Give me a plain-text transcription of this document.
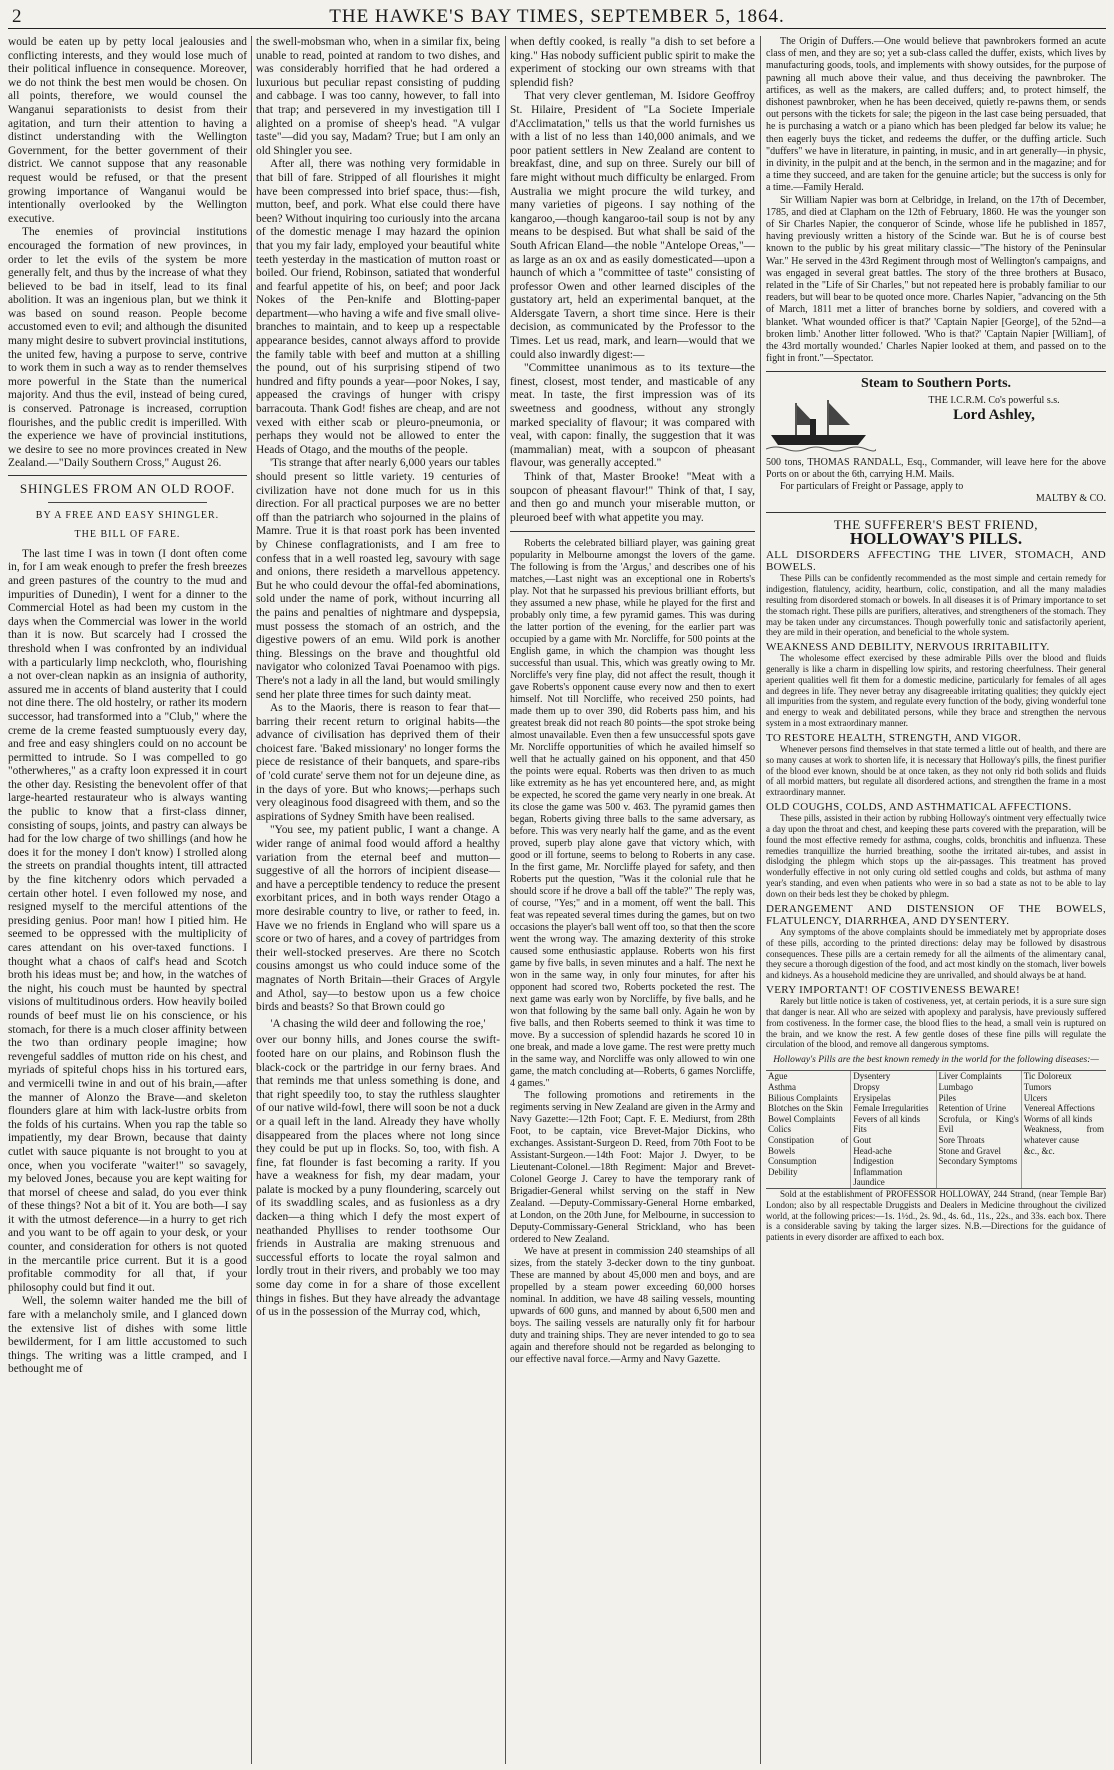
2	THE HAWKE'S BAY TIMES, SEPTEMBER 5, 1864.

would be eaten up by petty local jealousies and conflicting interests, and they would lose much of their political influence in consequence. Moreover, we do not think the best men would be chosen. On all points, therefore, we would counsel the Wanganui separationists to desist from their agitation, and turn their attention to having a distinct understanding with the Wellington Government, for the better government of their district. We cannot suppose that any reasonable request would be refused, or that the present growing importance of Wanganui would be intentionally overlooked by the Wellington executive.

The enemies of provincial institutions encouraged the formation of new provinces, in order to let the evils of the system be more generally felt, and thus by the increase of what they believed to be bad in itself, lead to its final abolition. It was an ingenious plan, but we think it was based on sound reason. People become accustomed even to evil; and although the disunited many might desire to subvert provincial institutions, the united few, having a purpose to serve, contrive to work them in such a way as to render themselves more powerful in the State than the numerical majority. And thus the evil, instead of being cured, is conserved. Patronage is increased, corruption flourishes, and the public credit is imperilled. With the experience we have of provincial institutions, we desire to see no more provinces created in New Zealand.—"Daily Southern Cross," August 26.

SHINGLES FROM AN OLD ROOF.
BY A FREE AND EASY SHINGLER.
THE BILL OF FARE.

The last time I was in town (I dont often come in, for I am weak enough to prefer the fresh breezes and green pastures of the country to the mud and impurities of Dunedin), I went for a dinner to the Commercial Hotel as had been my custom in the days when the Commercial was lower in the world than it is now. But scarcely had I crossed the threshold when I was confronted by an individual with a particularly limp neckcloth, who, flourishing a not over-clean napkin as an insignia of authority, assured me in accents of bland austerity that I could not dine there. The old hostelry, or rather its modern successor, had transformed into a "Club," where the creme de la creme feasted sumptuously every day, and free and easy shinglers could on no account be permitted to intrude. So I was compelled to go "otherwheres," as a crafty loon expressed it in court the other day. Resisting the benevolent offer of that large-hearted restaurateur who is always wanting the public to know that a first-class dinner, consisting of soups, joints, and pastry can always be had for the low charge of two shillings (and how he does it for the money I don't know) I strolled along the streets on prandial thoughts intent, till attracted by the fine kitchenry odors which pervaded a certain other hotel. I even followed my nose, and resigned myself to the merciful attentions of the presiding genius. Poor man! how I pitied him. He seemed to be oppressed with the multiplicity of cares attendant on his over-taxed functions. I thought what a chaos of calf's head and Scotch broth his ideas must be; and how, in the watches of the night, his couch must be haunted by spectral visions of multitudinous orders. How heavily boiled rounds of beef must lie on his conscience, or his stomach, for there is a much closer affinity between the two than ordinary people imagine; how revengeful saddles of mutton ride on his chest, and myriads of spiteful chops hiss in his tortured ears, and vermicelli twine in and out of his brain,—after the manner of Alonzo the Brave—and skeleton flounders glare at him with lack-lustre orbits from the folds of his curtains. When you rap the table so impatiently, my dear Brown, because that dainty cutlet with sauce piquante is not brought to you at once, when you vociferate "waiter!" so savagely, my beloved Jones, because you are kept waiting for that morsel of cheese and salad, do you ever think of these things? Not a bit of it. You are both—I say it with the utmost deference—in a hurry to get rich and you want to be off again to your desk, or your counter, and consideration for others is not quoted in the mercantile price current. But it is a good profitable commodity for all that, if your philosophy could but find it out.

Well, the solemn waiter handed me the bill of fare with a melancholy smile, and I glanced down the extensive list of dishes with some little bewilderment, for I am little accustomed to such things. The writing was a little cramped, and I bethought me of

the swell-mobsman who, when in a similar fix, being unable to read, pointed at random to two dishes, and was considerably horrified that he had ordered a luxurious but peculiar repast consisting of pudding and cabbage. I was too canny, however, to fall into that trap; and persevered in my investigation till I alighted on a promise of sheep's head. "A vulgar taste"—did you say, Madam? True; but I am only an old Shingler you see.

After all, there was nothing very formidable in that bill of fare. Stripped of all flourishes it might have been compressed into brief space, thus:—fish, mutton, beef, and pork. What else could there have been? Without inquiring too curiously into the arcana of the domestic menage I may hazard the opinion that you my fair lady, employed your beautiful white teeth yesterday in the mastication of mutton roast or boiled. Our friend, Robinson, satiated that wonderful and fearful appetite of his, on beef; and poor Jack Nokes of the Pen-knife and Blotting-paper department—who having a wife and five small olive-branches to maintain, and to keep up a respectable appearance besides, cannot always afford to provide the family table with beef and mutton at a shilling the pound, out of his surprising stipend of two hundred and fifty pounds a year—poor Nokes, I say, appeased the cravings of hunger with crispy barracouta. Thank God! fishes are cheap, and are not vexed with either scab or pleuro-pneumonia, or perhaps they would not be allowed to enter the Heads of Otago, and the mouths of the people.

'Tis strange that after nearly 6,000 years our tables should present so little variety. 19 centuries of civilization have not done much for us in this direction. For all practical purposes we are no better off than the patriarch who sojourned in the plains of Mamre. True it is that roast pork has been invented by Chinese conflagrationists, and I am free to confess that in a well roasted leg, savoury with sage and onions, there resideth a marvellous appetency. But he who could devour the offal-fed abominations, sold under the name of pork, without incurring all the pains and penalties of nightmare and dyspepsia, must possess the stomach of an ostrich, and the digestive powers of an emu. Wild pork is another thing. Blessings on the brave and thoughtful old navigator who colonized Tavai Poenamoo with pigs. There's not a lady in all the land, but would smilingly send her plate three times for such dainty meat.

As to the Maoris, there is reason to fear that—barring their recent return to original habits—the advance of civilisation has deprived them of their choicest fare. 'Baked missionary' no longer forms the piece de resistance of their banquets, and spare-ribs of 'cold curate' serve them not for un dejeune dine, as in the days of yore. But who knows;—perhaps such very oleaginous food disagreed with them, and so the aspirations of Sydney Smith have been realised.

"You see, my patient public, I want a change. A wider range of animal food would afford a healthy variation from the eternal beef and mutton—suggestive of all the horrors of incipient disease—and have a perceptible tendency to reduce the present exorbitant prices, and in both ways render Otago a more desirable country to live, or rather to feed, in. Have we no friends in England who will spare us a score or two of hares, and a covey of partridges from their well-stocked preserves. Are there no Scotch cousins amongst us who could induce some of the magnates of North Britain—their Graces of Argyle and Athol, say—to bestow upon us a few choice birds and beasts? So that Brown could go

'A chasing the wild deer and following the roe,'

over our bonny hills, and Jones course the swift-footed hare on our plains, and Robinson flush the black-cock or the partridge in our ferny braes. And that reminds me that unless something is done, and that right speedily too, to stay the ruthless slaughter of our native wild-fowl, there will soon be not a duck or a quail left in the land. Already they have wholly disappeared from the places where not long since they could be put up in flocks. So, too, with fish. A fine, fat flounder is fast becoming a rarity. If you have a weakness for fish, my dear madam, your palate is mocked by a puny floundering, scarcely out of its swaddling scales, and as fusionless as a dry dacken—a thing which I defy the most expert of neathanded Phyllises to render toothsome Our friends in Australia are making strenuous and successful efforts to locate the royal salmon and lordly trout in their rivers, and probably we too may some day come in for a share of those excellent things in fishes. But they have already the advantage of us in the possession of the Murray cod, which,

when deftly cooked, is really "a dish to set before a king." Has nobody sufficient public spirit to make the experiment of stocking our own streams with that splendid fish?

That very clever gentleman, M. Isidore Geoffroy St. Hilaire, President of "La Societe Imperiale d'Acclimatation," tells us that the world furnishes us with a list of no less than 140,000 animals, and we poor patient settlers in New Zealand are content to breakfast, dine, and sup on three. Surely our bill of fare might without much difficulty be enlarged. From Australia we might procure the wild turkey, and many varieties of pigeons. I say nothing of the kangaroo,—though kangaroo-tail soup is not by any means to be despised. But what shall be said of the South African Eland—the noble "Antelope Oreas,"—as large as an ox and as easily domesticated—upon a haunch of which a "committee of taste" consisting of professor Owen and other learned disciples of the gustatory art, held an experimental banquet, at the Aldersgate Tavern, a short time since. Here is their decision, as communicated by the Professor to the Times. Let us read, mark, and learn—would that we could also inwardly digest:—

"Committee unanimous as to its texture—the finest, closest, most tender, and masticable of any meat. In taste, the first impression was of its sweetness and goodness, without any strongly marked speciality of flavour; it was compared with veal, with capon: finally, the suggestion that it was (mammalian) meat, with a soupcon of pheasant flavour, was generally accepted."

Think of that, Master Brooke! "Meat with a soupcon of pheasant flavour!" Think of that, I say, and then go and munch your miserable mutton, or pleuroed beef with what appetite you may.

Roberts the celebrated billiard player, was gaining great popularity in Melbourne amongst the lovers of the game. The following is from the 'Argus,' and describes one of his matches,—Last night was an exceptional one in Roberts's play. Not that he surpassed his previous brilliant efforts, but they assumed a new phase, while he played for the first and probably only time, a few pyramid games. This was during the latter portion of the evening, for the earlier part was occupied by a game with Mr. Norcliffe, for 500 points at the English game, in which the champion was thought less successful than usual. This, which was greatly owing to Mr. Norcliffe's very fine play, did not affect the result, though it gave Roberts's opponent cause every now and then to exert himself. Not till Norcliffe, who received 250 points, had made them up to over 390, did Roberts pass him, and his greatest break did not reach 80 points—the spot stroke being almost unavailable. Even then a few unsuccessful spots gave Mr. Norcliffe opportunities of which he availed himself so well that he actually gained on his opponent, and that 450 the points were equal. Roberts was then driven to as much like extremity as he has yet encountered here, and, as might be expected, he scored the game very nearly in one break. At its close the game was 500 v. 463. The pyramid games then began, Roberts giving three balls to the same adversary, as before. This was very nearly half the game, and as the event proved, superb play alone gave that victory which, with good or ill fortune, seems to belong to Roberts in any case. In the first game, Mr. Norcliffe played for safety, and then Roberts put the question, "Was it the colonial rule that he should score if he drove a ball off the table?" The reply was, of course, "Yes;" and in a moment, off went the ball. This feat was repeated several times during the games, but on two occasions the player's ball went off too, so that then the score went the wrong way. The amazing dexterity of this stroke caused some enthusiastic applause. Roberts won his first game by five balls, in seven minutes and a half. The next he won in the same way, in only four minutes, for after his opponent had scored two, Roberts pocketed the rest. The next game was early won by Norcliffe, by five balls, and he won that following by the same ball only. Again he won by five balls, and then Roberts seemed to think it was time to move. By a succession of splendid hazards he scored 10 in one break, and made a love game. The rest were pretty much in the same way, and Norcliffe was only allowed to win one game, the match concluding at—Roberts, 6 games Norcliffe, 4 games."

The following promotions and retirements in the regiments serving in New Zealand are given in the Army and Navy Gazette:—12th Foot; Capt. F. E. Mediurst, from 28th Foot, to be captain, vice Brevet-Major Dickins, who exchanges. Assistant-Surgeon D. Reed, from 70th Foot to be Assistant-Surgeon.—14th Foot: Major J. Dwyer, to be Lieutenant-Colonel.—18th Regiment: Major and Brevet-Colonel George J. Carey to have the temporary rank of Brigadier-General whilst serving on the staff in New Zealand. —Deputy-Commissary-General Horne embarked, at London, on the 20th June, for Melbourne, in succession to Deputy-Commissary-General Strickland, who has been ordered to New Zealand.

We have at present in commission 240 steamships of all sizes, from the stately 3-decker down to the tiny gunboat. These are manned by about 45,000 men and boys, and are propelled by a steam power exceeding 60,000 horses nominal. In addition, we have 48 sailing vessels, mounting upwards of 600 guns, and manned by about 6,500 men and boys. The sailing vessels are naturally only fit for harbour duty and training ships. They are never intended to go to sea again and therefore should not be regarded as belonging to our effective naval force.—Army and Navy Gazette.

The Origin of Duffers.—One would believe that pawnbrokers formed an acute class of men, and they are so; yet a sub-class called the duffer, exists, which lives by manufacturing goods, tools, and implements with showy outsides, for the purpose of pawning all much above their value, and thus deceiving the pawnbroker. The artifices, as well as the makers, are called duffers; and, to protect himself, the dishonest pawnbroker, when he has been deceived, quietly re-pawns them, or sends out persons with the tickets for sale; the pigeon in the last case being persuaded, that he is purchasing a watch or a piano which has been pledged far below its value; he then eagerly buys the ticket, and redeems the duffer, or the duffing article. Such "duffers" we have in literature, in painting, in music, and in art generally—in physic, in divinity, in the pulpit and at the bench, in the sermon and in the magazine; and for a time they succeed, and are taken for the genuine article; but the success is only for a time.—Family Herald.

Sir William Napier was born at Celbridge, in Ireland, on the 17th of December, 1785, and died at Clapham on the 12th of February, 1860. He was the younger son of Sir Charles Napier, the conqueror of Scinde, whose life he published in 1857, having previously written a history of the Scinde war. But he is of course best known to the public by his great military classic—"The history of the Peninsular War." He served in the 43rd Regiment through most of Wellington's campaigns, and was engaged in several great battles. The story of the three brothers at Busaco, related in the "Life of Sir Charles," but not repeated here is probably familiar to our readers, but will bear to be quoted once more. Charles Napier, "advancing on the 5th of March, 1811 met a litter of branches borne by soldiers, and covered with a blanket. 'What wounded officer is that?' 'Captain Napier [George], of the 52nd—a broken limb.' Another litter followed. 'Who is that?' 'Captain Napier [William], of the 43rd mortally wounded.' Charles Napier looked at them, and passed on to the fight in front."—Spectator.

Steam to Southern Ports.
THE I.C.R.M. Co's powerful s.s.
Lord Ashley,

500 tons, THOMAS RANDALL, Esq., Commander, will leave here for the above Ports on or about the 6th, carrying H.M. Mails.

For particulars of Freight or Passage, apply to

MALTBY & CO.
THE SUFFERER'S BEST FRIEND,
HOLLOWAY'S PILLS.
ALL DISORDERS AFFECTING THE LIVER, STOMACH, AND BOWELS.

These Pills can be confidently recommended as the most simple and certain remedy for indigestion, flatulency, acidity, heartburn, colic, constipation, and all the many maladies resulting from disordered stomach or bowels. In all diseases it is of Primary importance to set the stomach right. These pills are purifiers, alteratives, and strengtheners of the stomach. They may be taken under any circumstances. Though powerfully tonic and satisfactorily aperient, they are mild in their operation, and beneficial to the whole system.

WEAKNESS AND DEBILITY, NERVOUS IRRITABILITY.

The wholesome effect exercised by these admirable Pills over the blood and fluids generally is like a charm in dispelling low spirits, and restoring cheerfulness. Their general aperient qualities well fit them for a domestic medicine, particularly for females of all ages and degrees in life. They never betray any disagreeable irritating qualities; they quickly eject all impurities from the system, and regulate every function of the body, giving wonderful tone and energy to weak and debilitated persons, while they brace and strengthen the nervous system in a most extraordinary manner.

TO RESTORE HEALTH, STRENGTH, AND VIGOR.

Whenever persons find themselves in that state termed a little out of health, and there are so many causes at work to shorten life, it is necessary that Holloway's pills, the finest purifier of the blood ever known, should be at once taken, as they not only rid both solids and fluids of all morbid matters, but regulate all disordered actions, and strengthen the frame in a most extraordinary manner.

OLD COUGHS, COLDS, AND ASTHMATICAL AFFECTIONS.

These pills, assisted in their action by rubbing Holloway's ointment very effectually twice a day upon the throat and chest, and keeping these parts covered with the preparation, will be found the most effective remedy for asthma, coughs, colds, bronchitis and influenza. These remedies tranquillize the hurried breathing, soothe the irritated air-tubes, and assist in dislodging the phlegm which stops up the air-passages. This treatment has proved wonderfully effective in not only curing old settled coughs and colds, but asthma of many year's standing, and even when patients who were in so bad a state as not to be able to lay down on their beds lest they be choked by phlegm.

DERANGEMENT AND DISTENSION OF THE BOWELS, FLATULENCY, DIARRHŒA, AND DYSENTERY.

Any symptoms of the above complaints should be immediately met by appropriate doses of these pills, according to the printed directions: delay may be followed by disastrous consequences. These pills are a certain remedy for all the ailments of the alimentary canal, they secure a thorough digestion of the food, and act most kindly on the stomach, liver bowels and kidneys. As a household medicine they are unrivalled, and should always be at hand.

VERY IMPORTANT! OF COSTIVENESS BEWARE!

Rarely but little notice is taken of costiveness, yet, at certain periods, it is a sure sure sign that danger is near. All who are seized with apoplexy and paralysis, have previously suffered from costiveness. In the former case, the blood flies to the head, a small vein is ruptured on the brain, and we know the rest. A few gentle doses of these fine pills will regulate the circulation of the blood, and remove all dangerous symptoms.

Holloway's Pills are the best known remedy in the world for the following diseases:—
Ague
Asthma
Bilious Complaints
Blotches on the Skin
Bowel Complaints
Colics
Constipation of Bowels
Consumption
Debility
Dysentery
Dropsy
Erysipelas
Female Irregularities
Fevers of all kinds
Fits
Gout
Head-ache
Indigestion
Inflammation
Jaundice
Liver Complaints
Lumbago
Piles
Retention of Urine
Scrofula, or King's Evil
Sore Throats
Stone and Gravel
Secondary Symptoms
Tic Doloreux
Tumors
Ulcers
Venereal Affections
Worms of all kinds
Weakness, from whatever cause
&c., &c.

Sold at the establishment of PROFESSOR HOLLOWAY, 244 Strand, (near Temple Bar) London; also by all respectable Druggists and Dealers in Medicine throughout the civilized world, at the following prices:—1s. 1½d., 2s. 9d., 4s. 6d., 11s., 22s., and 33s. each box. There is a considerable saving by taking the larger sizes. N.B.—Directions for the guidance of patients in every disorder are affixed to each box.
